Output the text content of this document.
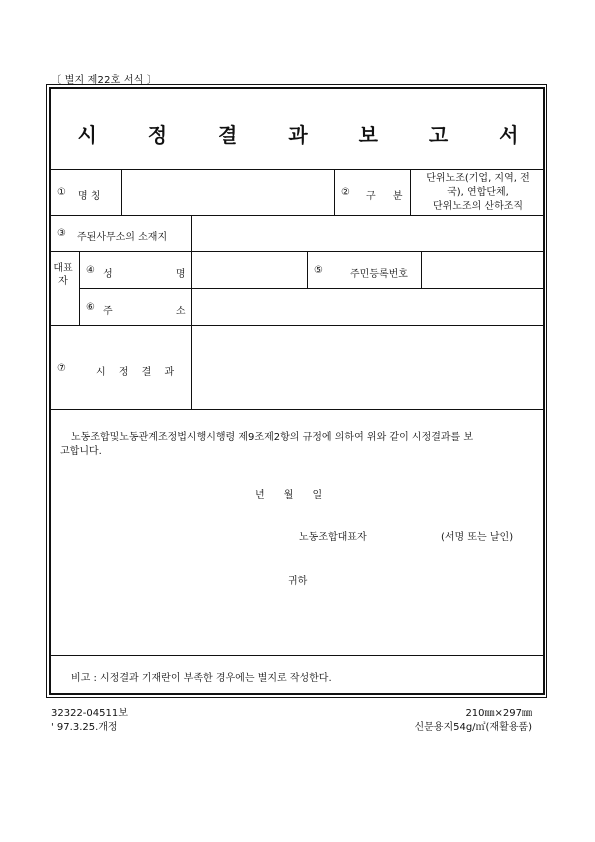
〔 별지 제22호 서식 〕
시 정 결 과 보 고 서
① 명 칭	② 구 분
단위노조(기업, 지역, 전
국), 연합단체,
단위노조의 산하조직
③ 주된사무소의 소재지
대표자
④ 성 명	⑤	주민등록번호
⑥ 주 소
⑦	시 정 결 과
노동조합및노동관계조정법시행시행령 제9조제2항의 규정에 의하여 위와 같이 시정결과를 보
고합니다.
년      월      일
노동조합대표자	(서명 또는 날인)
귀하
비고 : 시정결과 기재란이 부족한 경우에는 별지로 작성한다.
32322-04511보
' 97.3.25.개정
210㎜×297㎜
신문용지54g/㎡(재활용품)
